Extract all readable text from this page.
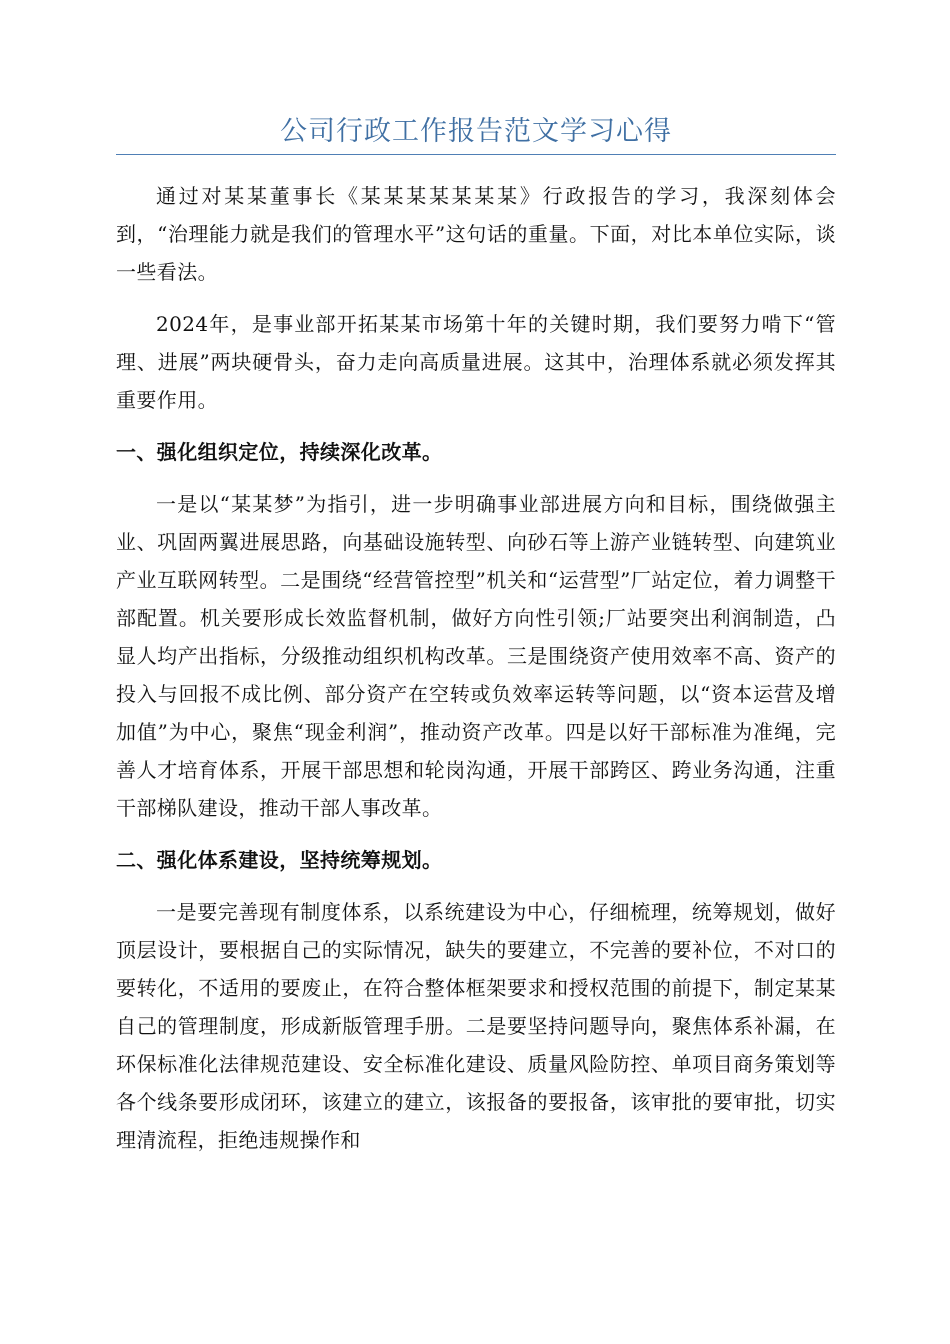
公司行政工作报告范文学习心得

通过对某某董事长《某某某某某某某》行政报告的学习，我深刻体会到，“治理能力就是我们的管理水平”这句话的重量。下面，对比本单位实际，谈一些看法。

2024年，是事业部开拓某某市场第十年的关键时期，我们要努力啃下“管理、进展”两块硬骨头，奋力走向高质量进展。这其中，治理体系就必须发挥其重要作用。

一、强化组织定位，持续深化改革。

一是以“某某梦”为指引，进一步明确事业部进展方向和目标，围绕做强主业、巩固两翼进展思路，向基础设施转型、向砂石等上游产业链转型、向建筑业产业互联网转型。二是围绕“经营管控型”机关和“运营型”厂站定位，着力调整干部配置。机关要形成长效监督机制，做好方向性引领;厂站要突出利润制造，凸显人均产出指标，分级推动组织机构改革。三是围绕资产使用效率不高、资产的投入与回报不成比例、部分资产在空转或负效率运转等问题，以“资本运营及增加值”为中心，聚焦“现金利润”，推动资产改革。四是以好干部标准为准绳，完善人才培育体系，开展干部思想和轮岗沟通，开展干部跨区、跨业务沟通，注重干部梯队建设，推动干部人事改革。

二、强化体系建设，坚持统筹规划。

一是要完善现有制度体系，以系统建设为中心，仔细梳理，统筹规划，做好顶层设计，要根据自己的实际情况，缺失的要建立，不完善的要补位，不对口的要转化，不适用的要废止，在符合整体框架要求和授权范围的前提下，制定某某自己的管理制度，形成新版管理手册。二是要坚持问题导向，聚焦体系补漏，在环保标准化法律规范建设、安全标准化建设、质量风险防控、单项目商务策划等各个线条要形成闭环，该建立的建立，该报备的要报备，该审批的要审批，切实理清流程，拒绝违规操作和
